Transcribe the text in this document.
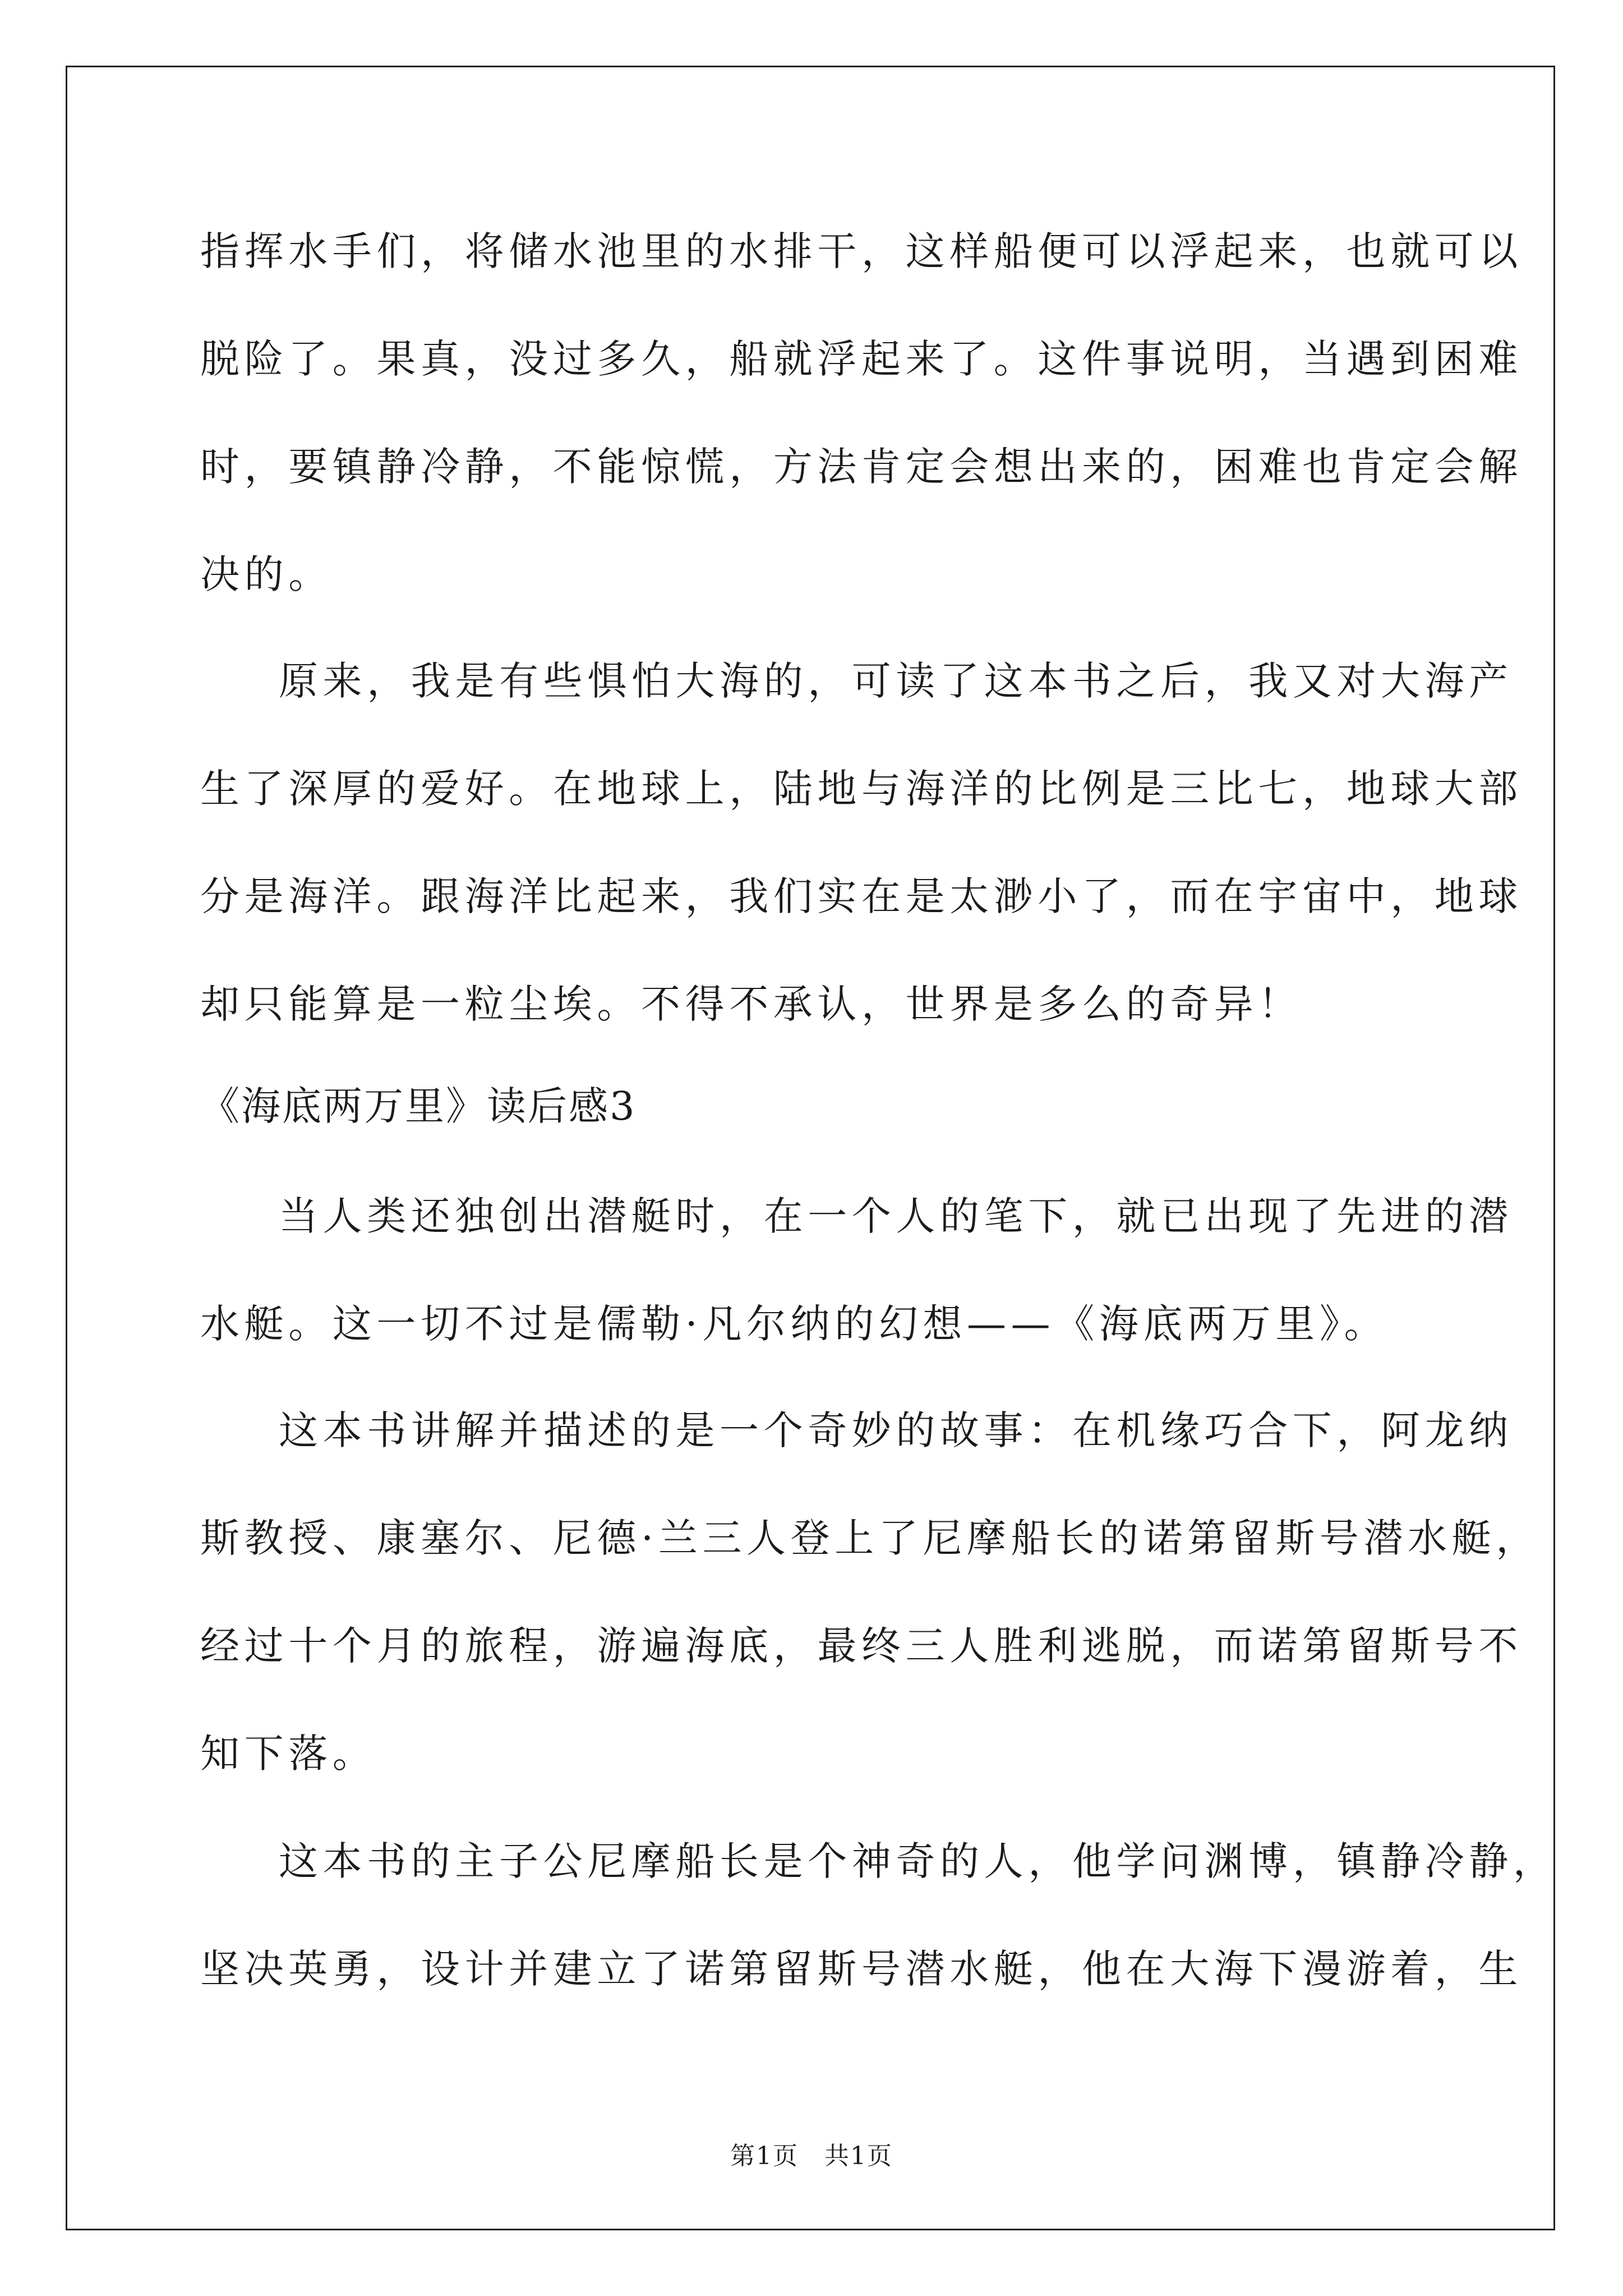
指挥水手们，将储水池里的水排干，这样船便可以浮起来，也就可以
脱险了。果真，没过多久，船就浮起来了。这件事说明，当遇到困难
时，要镇静冷静，不能惊慌，方法肯定会想出来的，困难也肯定会解
决的。
原来，我是有些惧怕大海的，可读了这本书之后，我又对大海产
生了深厚的爱好。在地球上，陆地与海洋的比例是三比七，地球大部
分是海洋。跟海洋比起来，我们实在是太渺小了，而在宇宙中，地球
却只能算是一粒尘埃。不得不承认，世界是多么的奇异！
《海底两万里》读后感3
当人类还独创出潜艇时，在一个人的笔下，就已出现了先进的潜
水艇。这一切不过是儒勒·凡尔纳的幻想——《海底两万里》。
这本书讲解并描述的是一个奇妙的故事：在机缘巧合下，阿龙纳
斯教授、康塞尔、尼德·兰三人登上了尼摩船长的诺第留斯号潜水艇，
经过十个月的旅程，游遍海底，最终三人胜利逃脱，而诺第留斯号不
知下落。
这本书的主子公尼摩船长是个神奇的人，他学问渊博，镇静冷静，
坚决英勇，设计并建立了诺第留斯号潜水艇，他在大海下漫游着，生
第1页　共1页
